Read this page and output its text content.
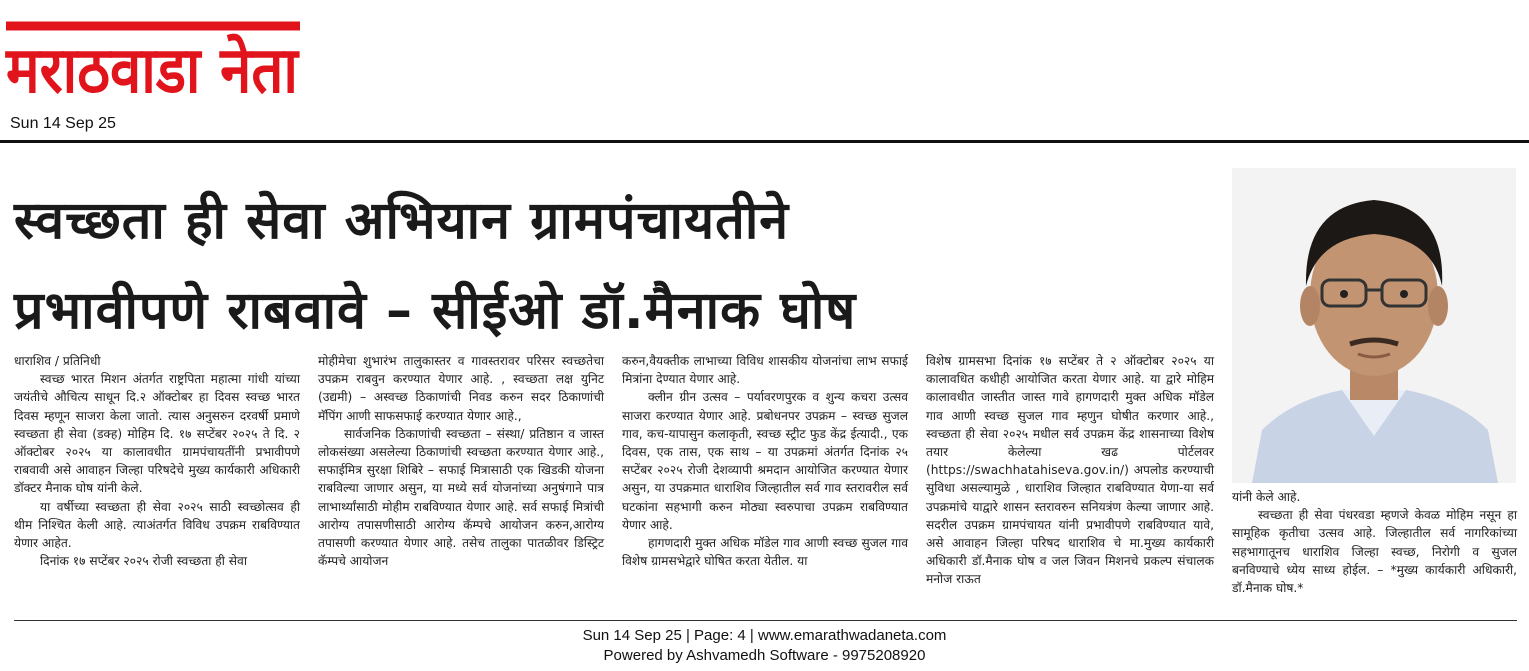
मराठवाडा नेता
Sun 14 Sep 25
स्वच्छता ही सेवा अभियान ग्रामपंचायतीने
प्रभावीपणे राबवावे – सीईओ डॉ.मैनाक घोष

धाराशिव / प्रतिनिधी

स्वच्छ भारत मिशन अंतर्गत राष्ट्रपिता महात्मा गांधी यांच्या जयंतीचे औचित्य साधून दि.२ ऑक्टोबर हा दिवस स्वच्छ भारत दिवस म्हणून साजरा केला जातो. त्यास अनुसरुन दरवर्षी प्रमाणे स्वच्छता ही सेवा (डक्ह) मोहिम दि. १७ सप्टेंबर २०२५ ते दि. २ ऑक्टोबर २०२५ या कालावधीत ग्रामपंचायतींनी प्रभावीपणे राबवावी असे आवाहन जिल्हा परिषदेचे मुख्य कार्यकारी अधिकारी डॉक्टर मैनाक घोष यांनी केले.

या वर्षीच्या स्वच्छता ही सेवा २०२५ साठी स्वच्छोत्सव ही थीम निश्चित केली आहे. त्याअंतर्गत विविध उपक्रम राबविण्यात येणार आहेत.

दिनांक १७ सप्टेंबर २०२५ रोजी स्वच्छता ही सेवा

मोहीमेचा शुभारंभ तालुकास्तर व गावस्तरावर परिसर स्वच्छतेचा उपक्रम राबवुन करण्यात येणार आहे. , स्वच्छता लक्ष युनिट (उद्यमी) – अस्वच्छ ठिकाणांची निवड करुन सदर ठिकाणांची मॅपिंग आणी साफसफाई करण्यात येणार आहे.,

सार्वजनिक ठिकाणांची स्वच्छता – संस्था/ प्रतिष्ठान व जास्त लोकसंख्या असलेल्या ठिकाणांची स्वच्छता करण्यात येणार आहे., सफाईमित्र सुरक्षा शिबिरे – सफाई मित्रासाठी एक खिडकी योजना राबविल्या जाणार असुन, या मध्ये सर्व योजनांच्या अनुषंगाने पात्र लाभार्थ्यांसाठी मोहीम राबविण्यात येणार आहे. सर्व सफाई मित्रांची आरोग्य तपासणीसाठी आरोग्य कॅम्पचे आयोजन करुन,आरोग्य तपासणी करण्यात येणार आहे. तसेच तालुका पातळीवर डिस्ट्रिट कॅम्पचे आयोजन

करुन,वैयक्तीक लाभाच्या विविध शासकीय योजनांचा लाभ सफाई मित्रांना देण्यात येणार आहे.

क्लीन ग्रीन उत्सव – पर्यावरणपुरक व शुन्य कचरा उत्सव साजरा करण्यात येणार आहे. प्रबोधनपर उपक्रम – स्वच्छ सुजल गाव, कच-यापासुन कलाकृती, स्वच्छ स्ट्रीट फुड केंद्र ईत्यादी., एक दिवस, एक तास, एक साथ – या उपक्रमां अंतर्गत दिनांक २५ सप्टेंबर २०२५ रोजी देशव्यापी श्रमदान आयोजित करण्यात येणार असुन, या उपक्रमात धाराशिव जिल्हातील सर्व गाव स्तरावरील सर्व घटकांना सहभागी करुन मोठ्या स्वरुपाचा उपक्रम राबविण्यात येणार आहे.

हागणदारी मुक्त अधिक मॉडेल गाव आणी स्वच्छ सुजल गाव विशेष ग्रामसभेद्वारे घोषित करता येतील. या

विशेष ग्रामसभा दिनांक १७ सप्टेंबर ते २ ऑक्टोबर २०२५ या कालावधित कधीही आयोजित करता येणार आहे. या द्वारे मोहिम कालावधीत जास्तीत जास्त गावे हागणदारी मुक्त अधिक मॉडेल गाव आणी स्वच्छ सुजल गाव म्हणुन घोषीत करणार आहे., स्वच्छता ही सेवा २०२५ मधील सर्व उपक्रम केंद्र शासनाच्या विशेष तयार केलेल्या खढ पोर्टलवर (https://swachhatahiseva.gov.in/) अपलोड करण्याची सुविधा असल्यामुळे , धाराशिव जिल्हात राबविण्यात येणा-या सर्व उपक्रमांचे याद्वारे शासन स्तरावरुन सनियत्रंण केल्या जाणार आहे. सदरील उपक्रम ग्रामपंचायत यांनी प्रभावीपणे राबविण्यात यावे, असे आवाहन जिल्हा परिषद धाराशिव चे मा.मुख्य कार्यकारी अधिकारी डॉ.मैनाक घोष व जल जिवन मिशनचे प्रकल्प संचालक मनोज राऊत

यांनी केले आहे.

स्वच्छता ही सेवा पंधरवडा म्हणजे केवळ मोहिम नसून हा सामूहिक कृतीचा उत्सव आहे. जिल्हातील सर्व नागरिकांच्या सहभागातूनच धाराशिव जिल्हा स्वच्छ, निरोगी व सुजल बनविण्याचे ध्येय साध्य होईल. – *मुख्य कार्यकारी अधिकारी, डॉ.मैनाक घोष.*

Sun 14 Sep 25 | Page: 4 | www.emarathwadaneta.com
Powered by Ashvamedh Software - 9975208920
